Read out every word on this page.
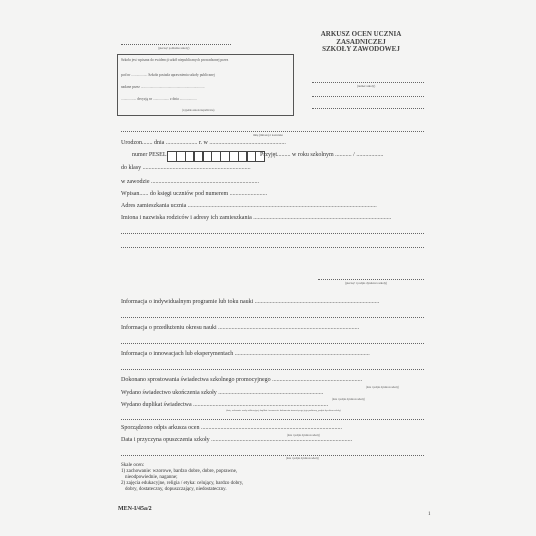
(pieczęć podłużna szkoły)
ARKUSZ OCEN UCZNIA
ZASADNICZEJ
SZKOŁY ZAWODOWEJ
Szkoła jest wpisana do ewidencji szkół niepublicznych prowadzonej przez
pod nr .................. Szkoła posiada uprawnienia szkoły publicznej
nadane przez .......................................................................
................. decyzją nr .................. z dnia ...................
(wypełnia szkoła niepubliczna)
(numer szkoły)
imię (imiona) i nazwisko
Urodzon....... dnia ..................... r. w ...................................................
numer PESEL	Przyjęt......... w roku szkolnym ........... / ..................
do klasy ........................................................................
w zawodzie ........................................................................
Wpisan...... do księgi uczniów pod numerem .........................
Adres zamieszkania ucznia ..............................................................................................................................
Imiona i nazwiska rodziców i adresy ich zamieszkania ............................................................................................
(pieczęć i podpis dyrektora szkoły)
Informacja o indywidualnym programie lub toku nauki ...................................................................................
Informacja o przedłużeniu okresu nauki ..............................................................................................
Informacja o innowacjach lub eksperymentach ..........................................................................................
Dokonano sprostowania świadectwa szkolnego promocyjnego ............................................................
(data i podpis dyrektora szkoły)
Wydano świadectwo ukończenia szkoły ......................................................................
(data i podpis dyrektora szkoły)
Wydano duplikat świadectwa ..........................................................................................
(data, wskazanie osoby odbierającej duplikat i oznaczenie dokumentu stanowiącego jego podstawę, podpis dyrektora szkoły)
Sporządzono odpis arkusza ocen ..............................................................................................
(data i podpis dyrektora szkoły)
Data i przyczyna opuszczenia szkoły ..............................................................................................
(data i podpis dyrektora szkoły)
Skale ocen:
1) zachowanie: wzorowe, bardzo dobre, dobre, poprawne,
nieodpowiednie, naganne;
2) zajęcia edukacyjne, religia / etyka: celujący, bardzo dobry,
dobry, dostateczny, dopuszczający, niedostateczny.
MEN-I/45a/2
1
